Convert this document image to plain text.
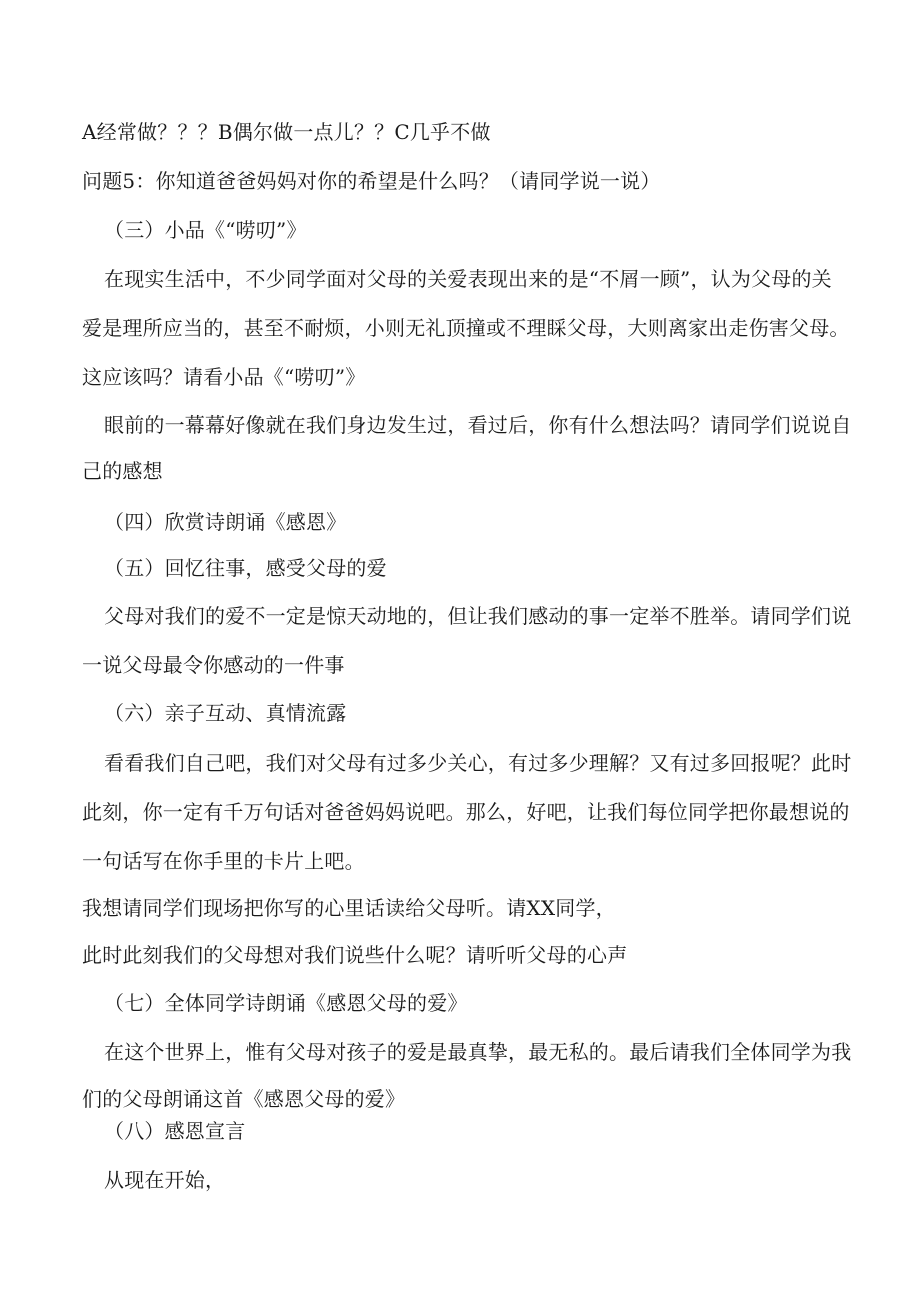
A经常做？？？B偶尔做一点儿？？C几乎不做
问题5：你知道爸爸妈妈对你的希望是什么吗？（请同学说一说）
（三）小品《“唠叨”》
在现实生活中，不少同学面对父母的关爱表现出来的是“不屑一顾”，认为父母的关
爱是理所应当的，甚至不耐烦，小则无礼顶撞或不理睬父母，大则离家出走伤害父母。
这应该吗？请看小品《“唠叨”》
眼前的一幕幕好像就在我们身边发生过，看过后，你有什么想法吗？请同学们说说自
己的感想
（四）欣赏诗朗诵《感恩》
（五）回忆往事，感受父母的爱
父母对我们的爱不一定是惊天动地的，但让我们感动的事一定举不胜举。请同学们说
一说父母最令你感动的一件事
（六）亲子互动、真情流露
看看我们自己吧，我们对父母有过多少关心，有过多少理解？又有过多回报呢？此时
此刻，你一定有千万句话对爸爸妈妈说吧。那么，好吧，让我们每位同学把你最想说的
一句话写在你手里的卡片上吧。
我想请同学们现场把你写的心里话读给父母听。请XX同学，
此时此刻我们的父母想对我们说些什么呢？请听听父母的心声
（七）全体同学诗朗诵《感恩父母的爱》
在这个世界上，惟有父母对孩子的爱是最真挚，最无私的。最后请我们全体同学为我
们的父母朗诵这首《感恩父母的爱》
（八）感恩宣言
从现在开始，
